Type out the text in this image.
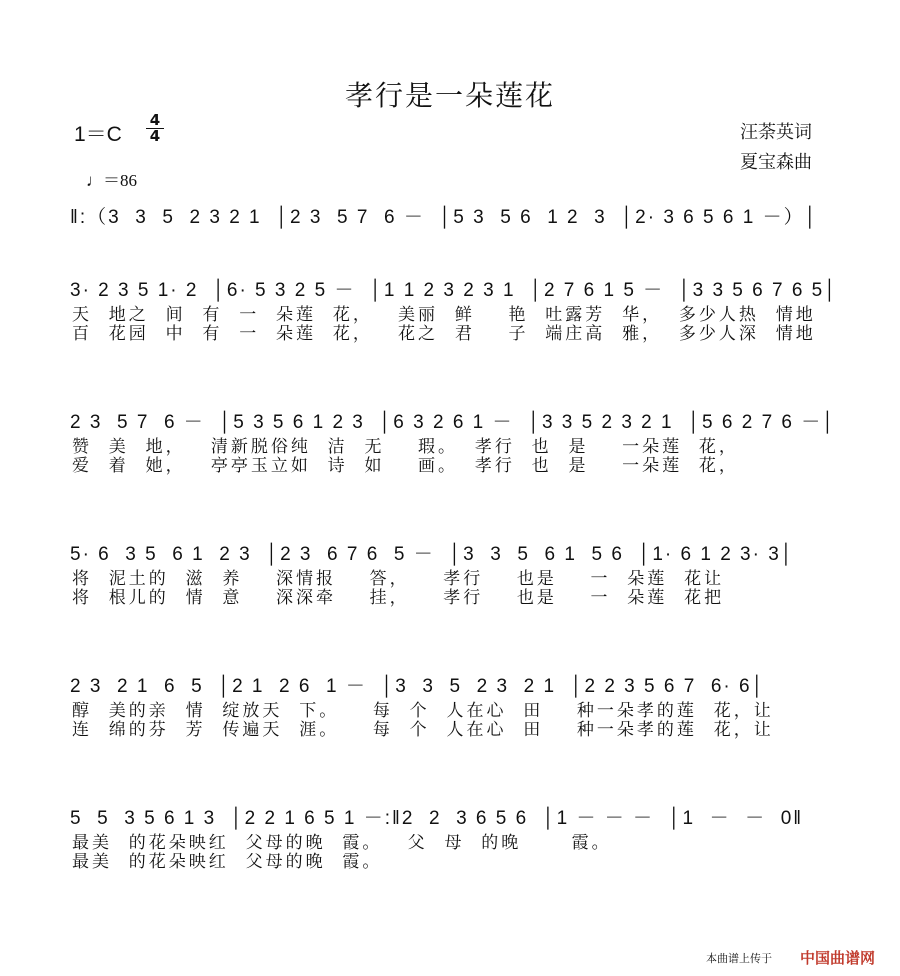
孝行是一朵莲花
1＝C
4
4
♩＝86
汪荼英词
夏宝森曲
‖:（3  3  5  2 3 2 1  │2 3  5 7  6 －  │5 3  5 6  1 2  3  │2· 3 6 5 6 1 －）│
3· 2 3 5 1· 2  │6· 5 3 2 5 －  │1 1 2 3 2 3 1  │2 7 6 1 5 －  │3 3 5 6 7 6 5│
天  地之  间  有  一  朵莲  花，   美丽  鲜    艳  吐露芳  华，  多少人热  情地
百  花园  中  有  一  朵莲  花，   花之  君    子  端庄高  雅，  多少人深  情地
2 3  5 7  6 －  │5 3 5 6 1 2 3  │6 3 2 6 1 －  │3 3 5 2 3 2 1  │5 6 2 7 6 －│
赞  美  地，   清新脱俗纯  洁  无    瑕。  孝行  也  是    一朵莲  花，
爱  着  她，   亭亭玉立如  诗  如    画。  孝行  也  是    一朵莲  花，
5· 6  3 5  6 1  2 3  │2 3  6 7 6  5 －  │3  3  5  6 1  5 6  │1· 6 1 2 3· 3│
将  泥土的  滋  养    深情报    答，    孝行    也是    一  朵莲  花让
将  根儿的  情  意    深深牵    挂，    孝行    也是    一  朵莲  花把
2 3  2 1  6  5  │2 1  2 6  1 －  │3  3  5  2 3  2 1  │2 2 3 5 6 7  6· 6│
醇  美的亲  情  绽放天  下。    每  个  人在心  田    种一朵孝的莲  花，让
连  绵的芬  芳  传遍天  涯。    每  个  人在心  田    种一朵孝的莲  花，让
5  5  3 5 6 1 3  │2 2 1 6 5 1 －:‖2  2  3 6 5 6  │1 － － －  │1  －  －  0‖
最美  的花朵映红  父母的晚  霞。   父  母  的晚      霞。
最美  的花朵映红  父母的晚  霞。
本曲谱上传于 中国曲谱网
